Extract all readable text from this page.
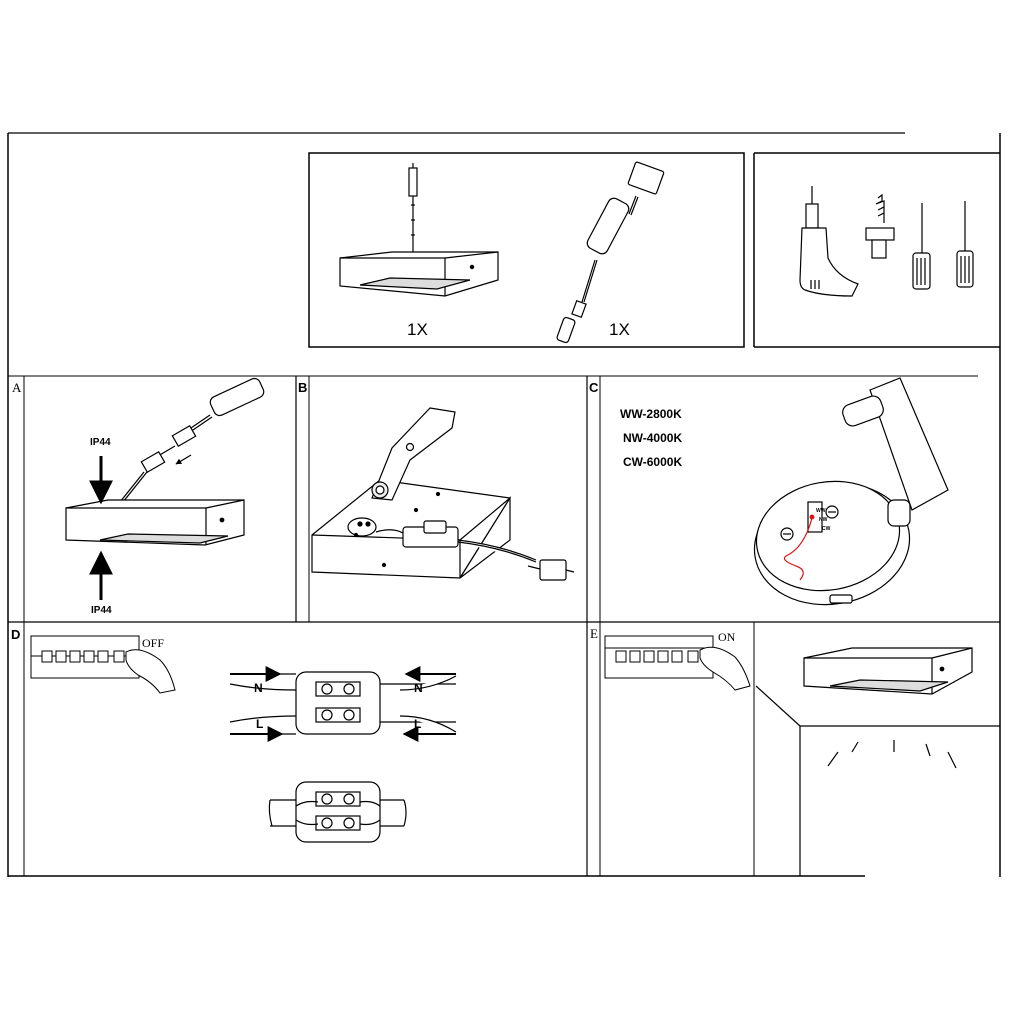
1X	1X
A
IP44
IP44
B	C
WW-2800K
NW-4000K
CW-6000K
WW
NW
CW
D
OFF
N
L
N
L
E	ON
